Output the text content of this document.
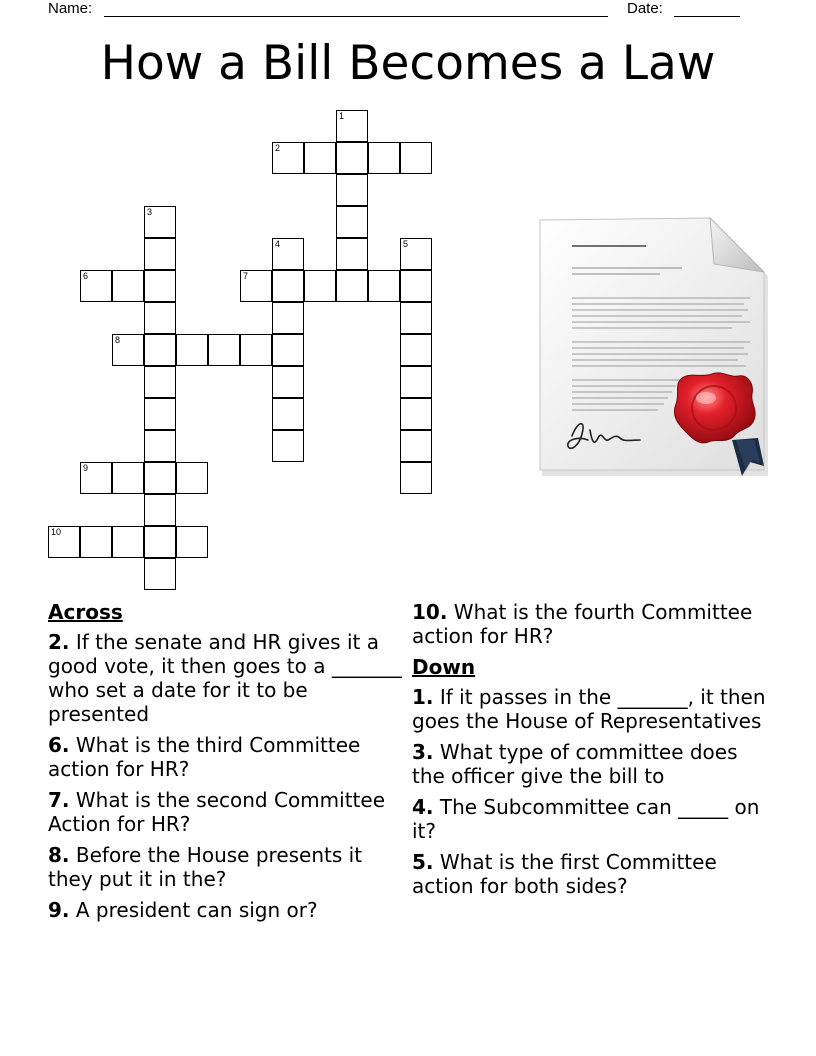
Name:	Date:
How a Bill Becomes a Law
1
2
3
4	5
6	7
8
9
10
Across
2. If the senate and HR gives it a good vote, it then goes to a _______ who set a date for it to be presented
6. What is the third Committee action for HR?
7. What is the second Committee Action for HR?
8. Before the House presents it they put it in the?
9. A president can sign or?
10. What is the fourth Committee action for HR?
Down
1. If it passes in the _______, it then goes the House of Representatives
3. What type of committee does the officer give the bill to
4. The Subcommittee can _____ on it?
5. What is the first Committee action for both sides?
